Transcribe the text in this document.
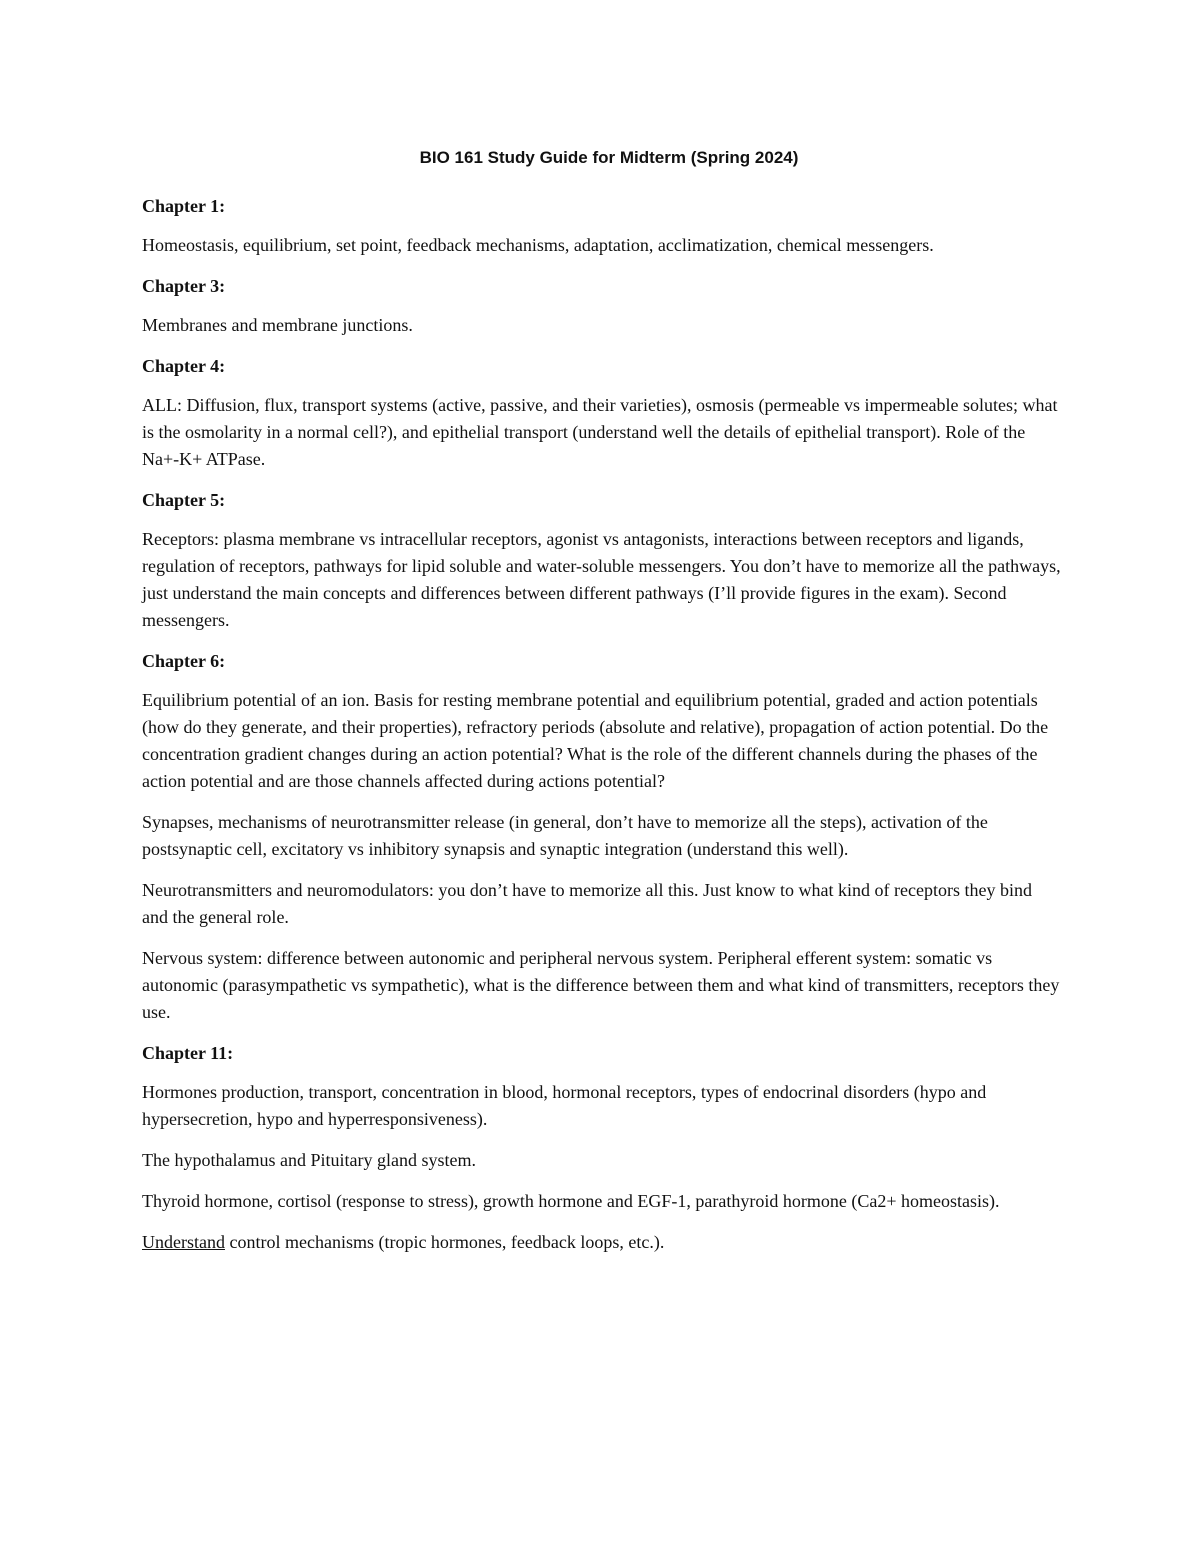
BIO 161 Study Guide for Midterm (Spring 2024)
Chapter 1:
Homeostasis, equilibrium, set point, feedback mechanisms, adaptation, acclimatization, chemical messengers.
Chapter 3:
Membranes and membrane junctions.
Chapter 4:
ALL: Diffusion, flux, transport systems (active, passive, and their varieties), osmosis (permeable vs impermeable solutes; what is the osmolarity in a normal cell?), and epithelial transport (understand well the details of epithelial transport). Role of the Na+-K+ ATPase.
Chapter 5:
Receptors: plasma membrane vs intracellular receptors, agonist vs antagonists, interactions between receptors and ligands, regulation of receptors, pathways for lipid soluble and water-soluble messengers. You don’t have to memorize all the pathways, just understand the main concepts and differences between different pathways (I’ll provide figures in the exam). Second messengers.
Chapter 6:
Equilibrium potential of an ion. Basis for resting membrane potential and equilibrium potential, graded and action potentials (how do they generate, and their properties), refractory periods (absolute and relative), propagation of action potential. Do the concentration gradient changes during an action potential? What is the role of the different channels during the phases of the action potential and are those channels affected during actions potential?
Synapses, mechanisms of neurotransmitter release (in general, don’t have to memorize all the steps), activation of the postsynaptic cell, excitatory vs inhibitory synapsis and synaptic integration (understand this well).
Neurotransmitters and neuromodulators: you don’t have to memorize all this. Just know to what kind of receptors they bind and the general role.
Nervous system: difference between autonomic and peripheral nervous system. Peripheral efferent system: somatic vs autonomic (parasympathetic vs sympathetic), what is the difference between them and what kind of transmitters, receptors they use.
Chapter 11:
Hormones production, transport, concentration in blood, hormonal receptors, types of endocrinal disorders (hypo and hypersecretion, hypo and hyperresponsiveness).
The hypothalamus and Pituitary gland system.
Thyroid hormone, cortisol (response to stress), growth hormone and EGF-1, parathyroid hormone (Ca2+ homeostasis).
Understand control mechanisms (tropic hormones, feedback loops, etc.).
